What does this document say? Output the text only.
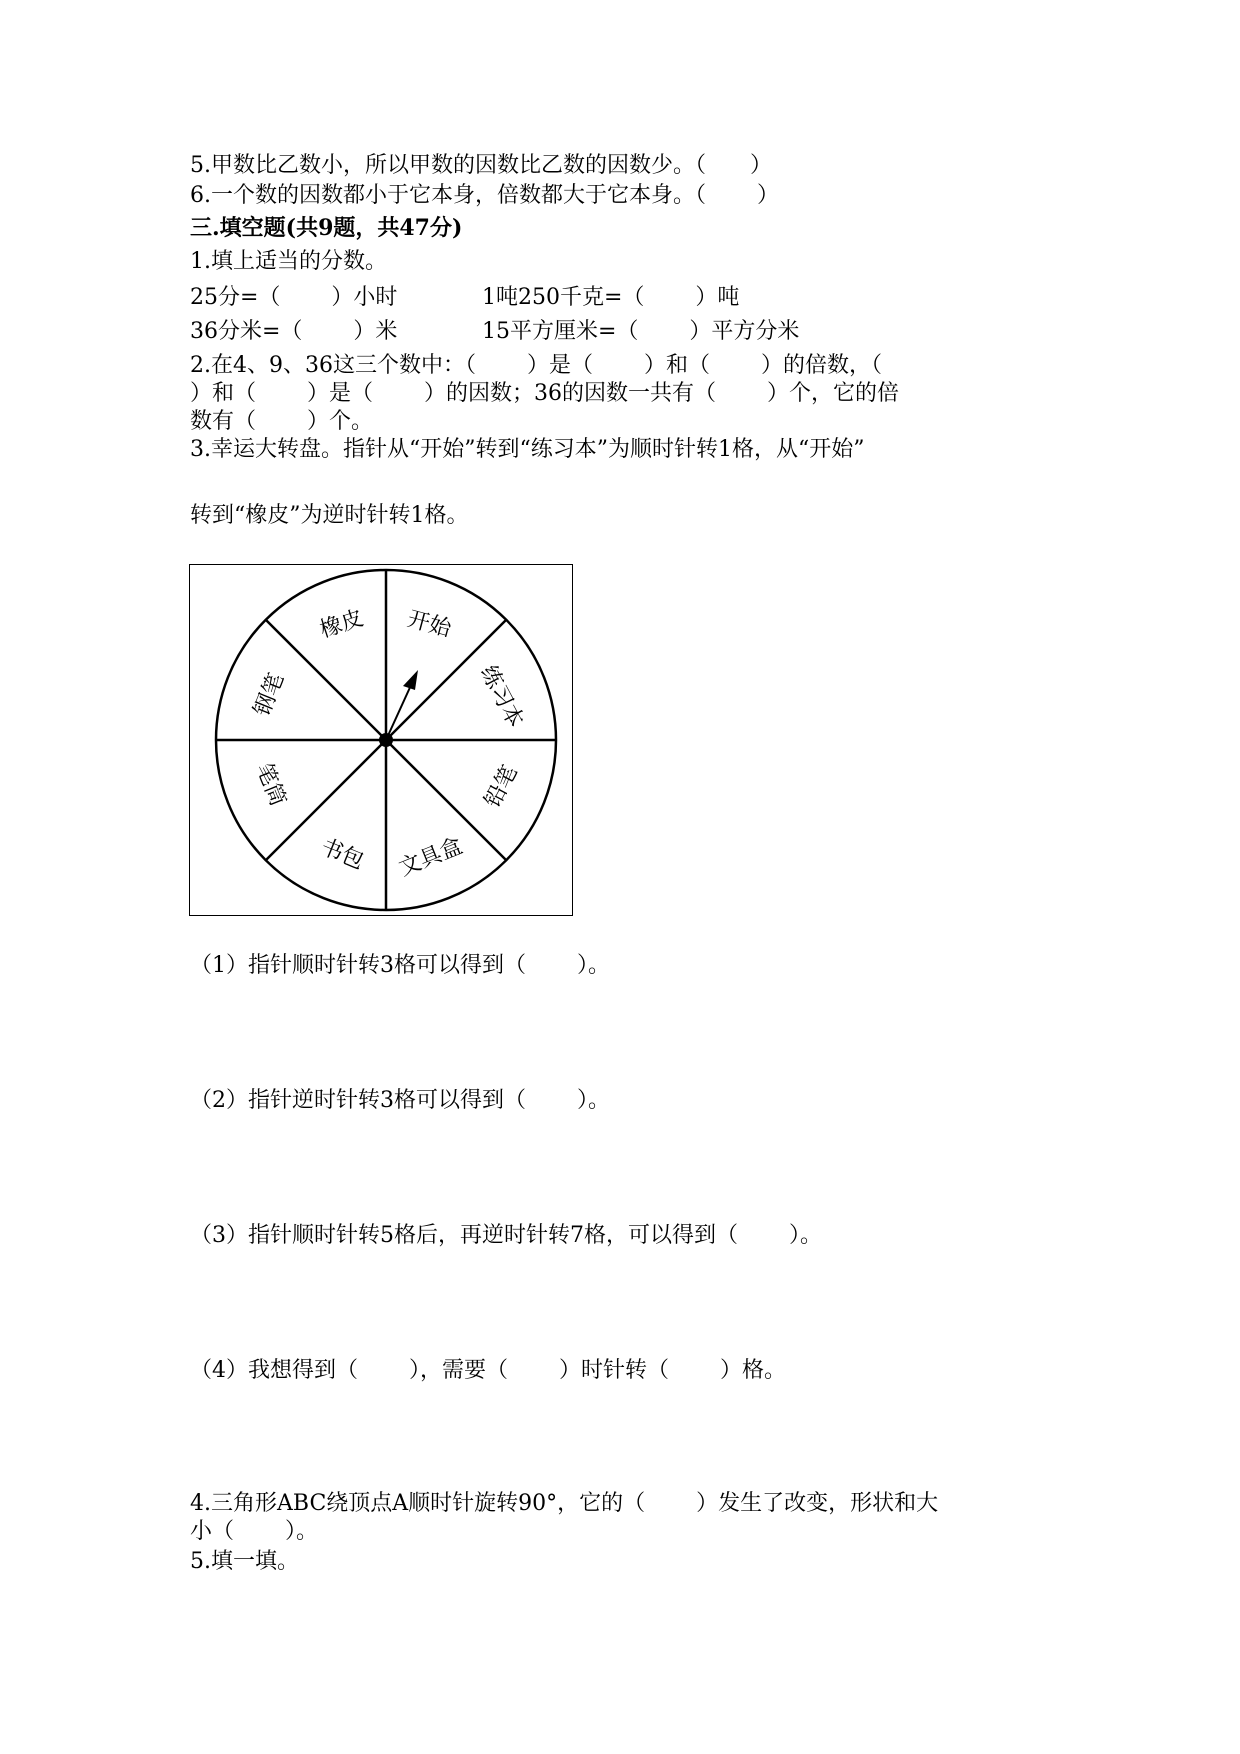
5.甲数比乙数小，所以甲数的因数比乙数的因数少。（　　）
6.一个数的因数都小于它本身，倍数都大于它本身。（　　 ）
三.填空题(共9题，共47分)
1.填上适当的分数。
25分=（　　 ）小时	1吨250千克=（　　 ）吨
36分米=（　　 ）米	15平方厘米=（　　 ）平方分米
2.在4、9、36这三个数中：（　　 ）是（　　 ）和（　　 ）的倍数，（
）和（　　 ）是（　　 ）的因数；36的因数一共有（　　 ）个，它的倍
数有（　　 ）个。
3.幸运大转盘。指针从“开始”转到“练习本”为顺时针转1格，从“开始”
转到“橡皮”为逆时针转1格。
开始
练习本
铅笔
文具盒
书包
笔筒
钢笔
橡皮
（1）指针顺时针转3格可以得到（　　 ）。
（2）指针逆时针转3格可以得到（　　 ）。
（3）指针顺时针转5格后，再逆时针转7格，可以得到（　　 ）。
（4）我想得到（　　 ），需要（　　 ）时针转（　　 ）格。
4.三角形ABC绕顶点A顺时针旋转90°，它的（　　 ）发生了改变，形状和大
小（　　 ）。
5.填一填。
